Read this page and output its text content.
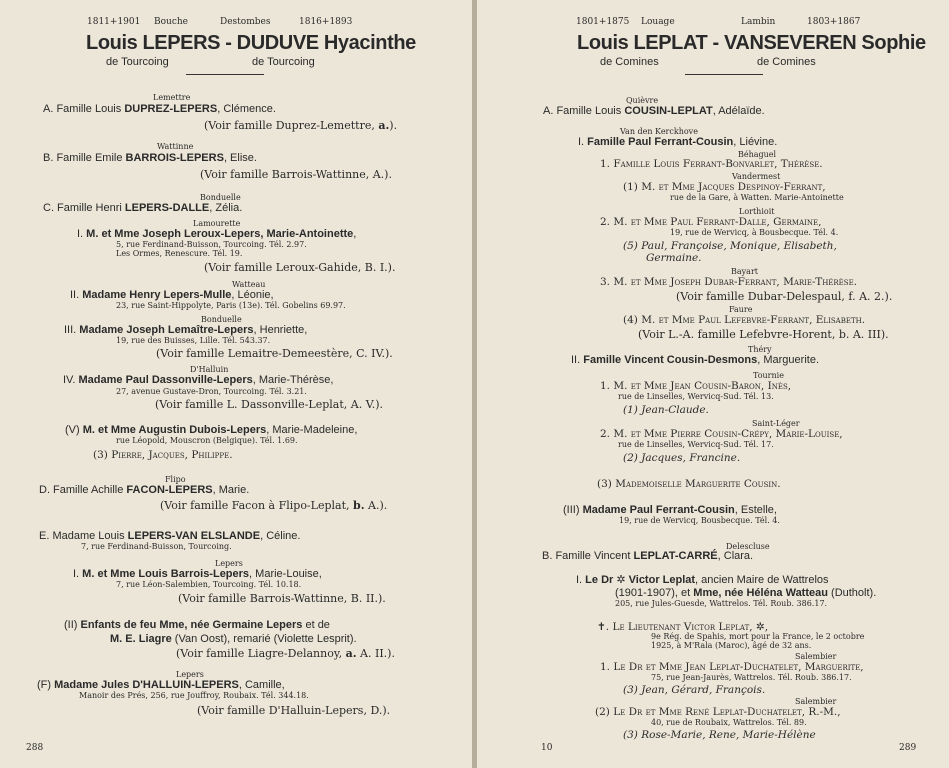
1811+1901 Bouche	Destombes	1816+1893
Louis LEPERS - DUDUVE Hyacinthe
de Tourcoing	de Tourcoing
Lemettre
A. Famille Louis DUPREZ-LEPERS, Clémence.
(Voir famille Duprez-Lemettre, a.).
Wattinne
B. Famille Emile BARROIS-LEPERS, Elise.
(Voir famille Barrois-Wattinne, A.).
Bonduelle
C. Famille Henri LEPERS-DALLE, Zélia.
Lamourette
I. M. et Mme Joseph Leroux-Lepers, Marie-Antoinette,
5, rue Ferdinand-Buisson, Tourcoing. Tél. 2.97.
Les Ormes, Renescure. Tél. 19.
(Voir famille Leroux-Gahide, B. I.).
Watteau
II. Madame Henry Lepers-Mulle, Léonie,
23, rue Saint-Hippolyte, Paris (13e). Tél. Gobelins 69.97.
Bonduelle
III. Madame Joseph Lemaître-Lepers, Henriette,
19, rue des Buisses, Lille. Tél. 543.37.
(Voir famille Lemaitre-Demeestère, C. IV.).
D'Halluin
IV. Madame Paul Dassonville-Lepers, Marie-Thérèse,
27, avenue Gustave-Dron, Tourcoing. Tél. 3.21.
(Voir famille L. Dassonville-Leplat, A. V.).
(V) M. et Mme Augustin Dubois-Lepers, Marie-Madeleine,
rue Léopold, Mouscron (Belgique). Tél. 1.69.
(3) Pierre, Jacques, Philippe.
Flipo
D. Famille Achille FACON-LEPERS, Marie.
(Voir famille Facon à Flipo-Leplat, b. A.).
E. Madame Louis LEPERS-VAN ELSLANDE, Céline.
7, rue Ferdinand-Buisson, Tourcoing.
Lepers
I. M. et Mme Louis Barrois-Lepers, Marie-Louise,
7, rue Léon-Salembien, Tourcoing. Tél. 10.18.
(Voir famille Barrois-Wattinne, B. II.).
(II) Enfants de feu Mme, née Germaine Lepers et de
M. E. Liagre (Van Oost), remarié (Violette Lesprit).
(Voir famille Liagre-Delannoy, a. A. II.).
Lepers
(F) Madame Jules D'HALLUIN-LEPERS, Camille,
Manoir des Prés, 256, rue Jouffroy, Roubaix. Tél. 344.18.
(Voir famille D'Halluin-Lepers, D.).
288
1801+1875 Louage	Lambin	1803+1867
Louis LEPLAT - VANSEVEREN Sophie
de Comines	de Comines
Quièvre
A. Famille Louis COUSIN-LEPLAT, Adélaïde.
Van den Kerckhove
I. Famille Paul Ferrant-Cousin, Liévine.
Béhaguel
1. Famille Louis Ferrant-Bonvarlet, Thérèse.
Vandermest
(1) M. et Mme Jacques Despinoy-Ferrant,
rue de la Gare, à Watten. Marie-Antoinette
Lorthioit
2. M. et Mme Paul Ferrant-Dalle, Germaine,
19, rue de Wervicq, à Bousbecque. Tél. 4.
(5) Paul, Françoise, Monique, Elisabeth,
Germaine.
Bayart
3. M. et Mme Joseph Dubar-Ferrant, Marie-Thérèse.
(Voir famille Dubar-Delespaul, f. A. 2.).
Faure
(4) M. et Mme Paul Lefebvre-Ferrant, Elisabeth.
(Voir L.-A. famille Lefebvre-Horent, b. A. III).
Théry
II. Famille Vincent Cousin-Desmons, Marguerite.
Tournie
1. M. et Mme Jean Cousin-Baron, Inès,
rue de Linselles, Wervicq-Sud. Tél. 13.
(1) Jean-Claude.
Saint-Léger
2. M. et Mme Pierre Cousin-Crépy, Marie-Louise,
rue de Linselles, Wervicq-Sud. Tél. 17.
(2) Jacques, Francine.
(3) Mademoiselle Marguerite Cousin.
(III) Madame Paul Ferrant-Cousin, Estelle,
19, rue de Wervicq, Bousbecque. Tél. 4.
Delescluse
B. Famille Vincent LEPLAT-CARRÉ, Clara.
I. Le Dr ✲ Victor Leplat, ancien Maire de Wattrelos
(1901-1907), et Mme, née Héléna Watteau (Dutholt).
205, rue Jules-Guesde, Wattrelos. Tél. Roub. 386.17.
✝. Le Lieutenant Victor Leplat, ✲,
9e Rég. de Spahis, mort pour la France, le 2 octobre
1925, à M'Rala (Maroc), âgé de 32 ans.
Salembier
1. Le Dr et Mme Jean Leplat-Duchatelet, Marguerite,
75, rue Jean-Jaurès, Wattrelos. Tél. Roub. 386.17.
(3) Jean, Gérard, François.
Salembier
(2) Le Dr et Mme René Leplat-Duchatelet, R.-M.,
40, rue de Roubaix, Wattrelos. Tél. 89.
(3) Rose-Marie, Rene, Marie-Hélène
10	289
